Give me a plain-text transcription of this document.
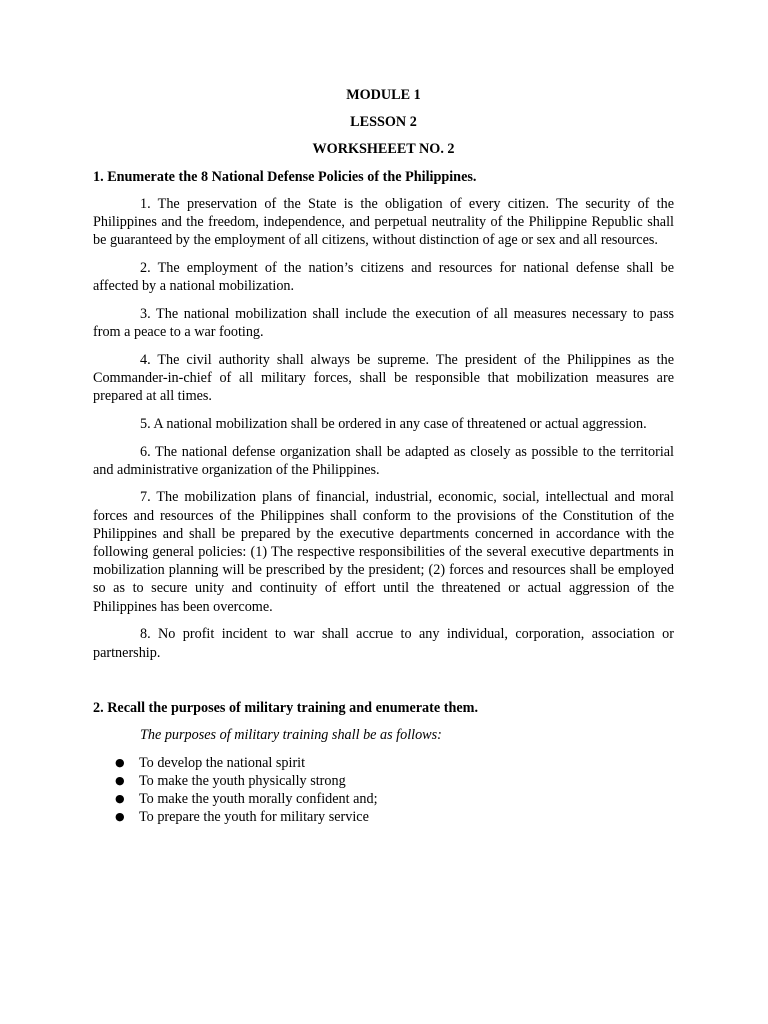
MODULE 1
LESSON 2
WORKSHEEET NO. 2
1. Enumerate the 8 National Defense Policies of the Philippines.

1. The preservation of the State is the obligation of every citizen. The security of the Philippines and the freedom, independence, and perpetual neutrality of the Philippine Republic shall be guaranteed by the employment of all citizens, without distinction of age or sex and all resources.

2. The employment of the nation’s citizens and resources for national defense shall be affected by a national mobilization.

3. The national mobilization shall include the execution of all measures necessary to pass from a peace to a war footing.

4. The civil authority shall always be supreme. The president of the Philippines as the Commander-in-chief of all military forces, shall be responsible that mobilization measures are prepared at all times.

5. A national mobilization shall be ordered in any case of threatened or actual aggression.

6. The national defense organization shall be adapted as closely as possible to the territorial and administrative organization of the Philippines.

7. The mobilization plans of financial, industrial, economic, social, intellectual and moral forces and resources of the Philippines shall conform to the provisions of the Constitution of the Philippines and shall be prepared by the executive departments concerned in accordance with the following general policies: (1) The respective responsibilities of the several executive departments in mobilization planning will be prescribed by the president; (2) forces and resources shall be employed so as to secure unity and continuity of effort until the threatened or actual aggression of the Philippines has been overcome.

8. No profit incident to war shall accrue to any individual, corporation, association or partnership.

2. Recall the purposes of military training and enumerate them.
The purposes of military training shall be as follows:
● To develop the national spirit
● To make the youth physically strong
● To make the youth morally confident and;
● To prepare the youth for military service
